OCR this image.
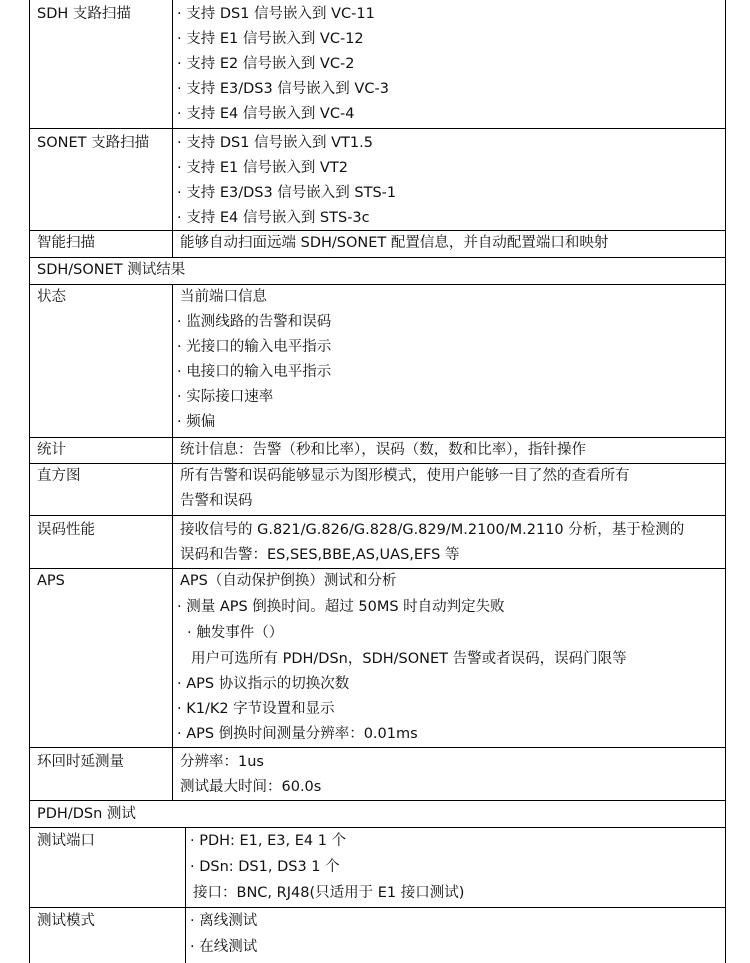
SDH 支路扫描	· 支持 DS1 信号嵌入到 VC-11
· 支持 E1 信号嵌入到 VC-12
· 支持 E2 信号嵌入到 VC-2
· 支持 E3/DS3 信号嵌入到 VC-3
· 支持 E4 信号嵌入到 VC-4
SONET 支路扫描 · 支持 DS1 信号嵌入到 VT1.5
· 支持 E1 信号嵌入到 VT2
· 支持 E3/DS3 信号嵌入到 STS-1
· 支持 E4 信号嵌入到 STS-3c
智能扫描	能够自动扫面远端 SDH/SONET 配置信息，并自动配置端口和映射
SDH/SONET 测试结果
状态	当前端口信息
· 监测线路的告警和误码
· 光接口的输入电平指示
· 电接口的输入电平指示
· 实际接口速率
· 频偏
统计	统计信息：告警（秒和比率），误码（数，数和比率），指针操作
直方图	所有告警和误码能够显示为图形模式，使用户能够一目了然的查看所有
告警和误码
误码性能	接收信号的 G.821/G.826/G.828/G.829/M.2100/M.2110 分析，基于检测的
误码和告警：ES,SES,BBE,AS,UAS,EFS 等
APS	APS（自动保护倒换）测试和分析
· 测量 APS 倒换时间。超过 50MS 时自动判定失败
· 触发事件（）
用户可选所有 PDH/DSn，SDH/SONET 告警或者误码，误码门限等
· APS 协议指示的切换次数
· K1/K2 字节设置和显示
· APS 倒换时间测量分辨率：0.01ms
环回时延测量	分辨率：1us
测试最大时间：60.0s
PDH/DSn 测试
测试端口	· PDH: E1, E3, E4 1 个
· DSn: DS1, DS3 1 个
接口：BNC, RJ48(只适用于 E1 接口测试)
测试模式	· 离线测试
· 在线测试
